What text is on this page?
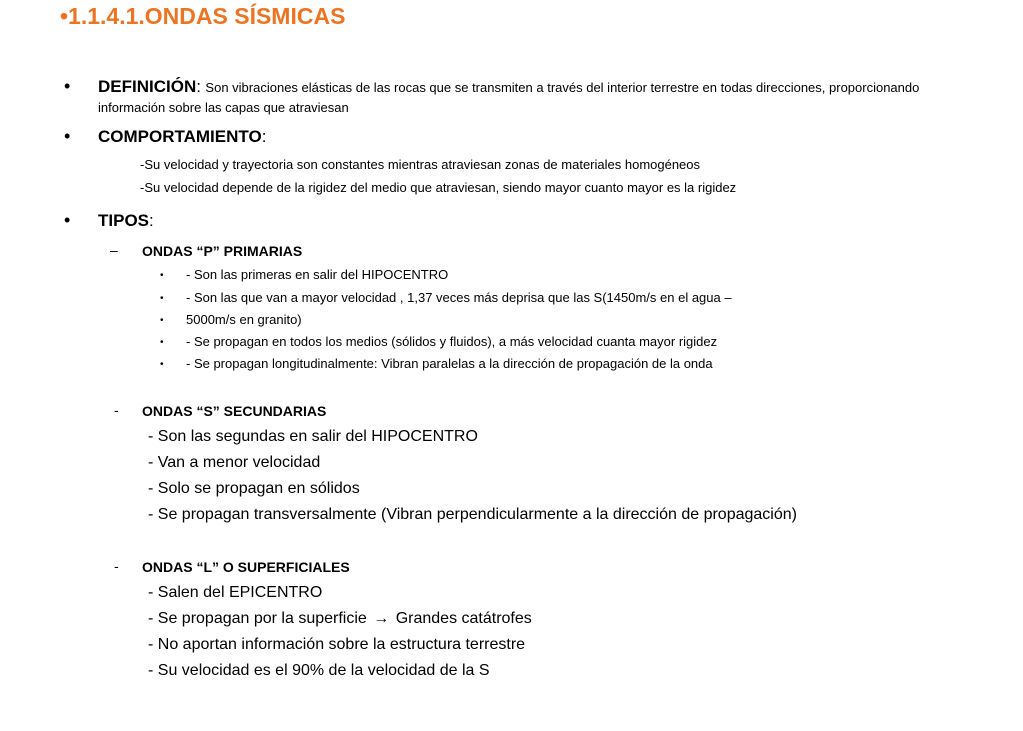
•1.1.4.1.ONDAS SÍSMICAS
• DEFINICIÓN: Son vibraciones elásticas de las rocas que se transmiten a través del interior terrestre en todas direcciones, proporcionando
información sobre las capas que atraviesan
• COMPORTAMIENTO:
-Su velocidad y trayectoria son constantes mientras atraviesan zonas de materiales homogéneos
-Su velocidad depende de la rigidez del medio que atraviesan, siendo mayor cuanto mayor es la rigidez
• TIPOS:
– ONDAS “P” PRIMARIAS
• - Son las primeras en salir del HIPOCENTRO
• - Son las que van a mayor velocidad , 1,37 veces más deprisa que las S(1450m/s en el agua –
• 5000m/s en granito)
• - Se propagan en todos los medios (sólidos y fluidos), a más velocidad cuanta mayor rigidez
• - Se propagan longitudinalmente: Vibran paralelas a la dirección de propagación de la onda
- ONDAS “S” SECUNDARIAS
- Son las segundas en salir del HIPOCENTRO
- Van a menor velocidad
- Solo se propagan en sólidos
- Se propagan transversalmente (Vibran perpendicularmente a la dirección de propagación)
- ONDAS “L” O SUPERFICIALES
- Salen del EPICENTRO
- Se propagan por la superficie → Grandes catátrofes
- No aportan información sobre la estructura terrestre
- Su velocidad es el 90% de la velocidad de la S
